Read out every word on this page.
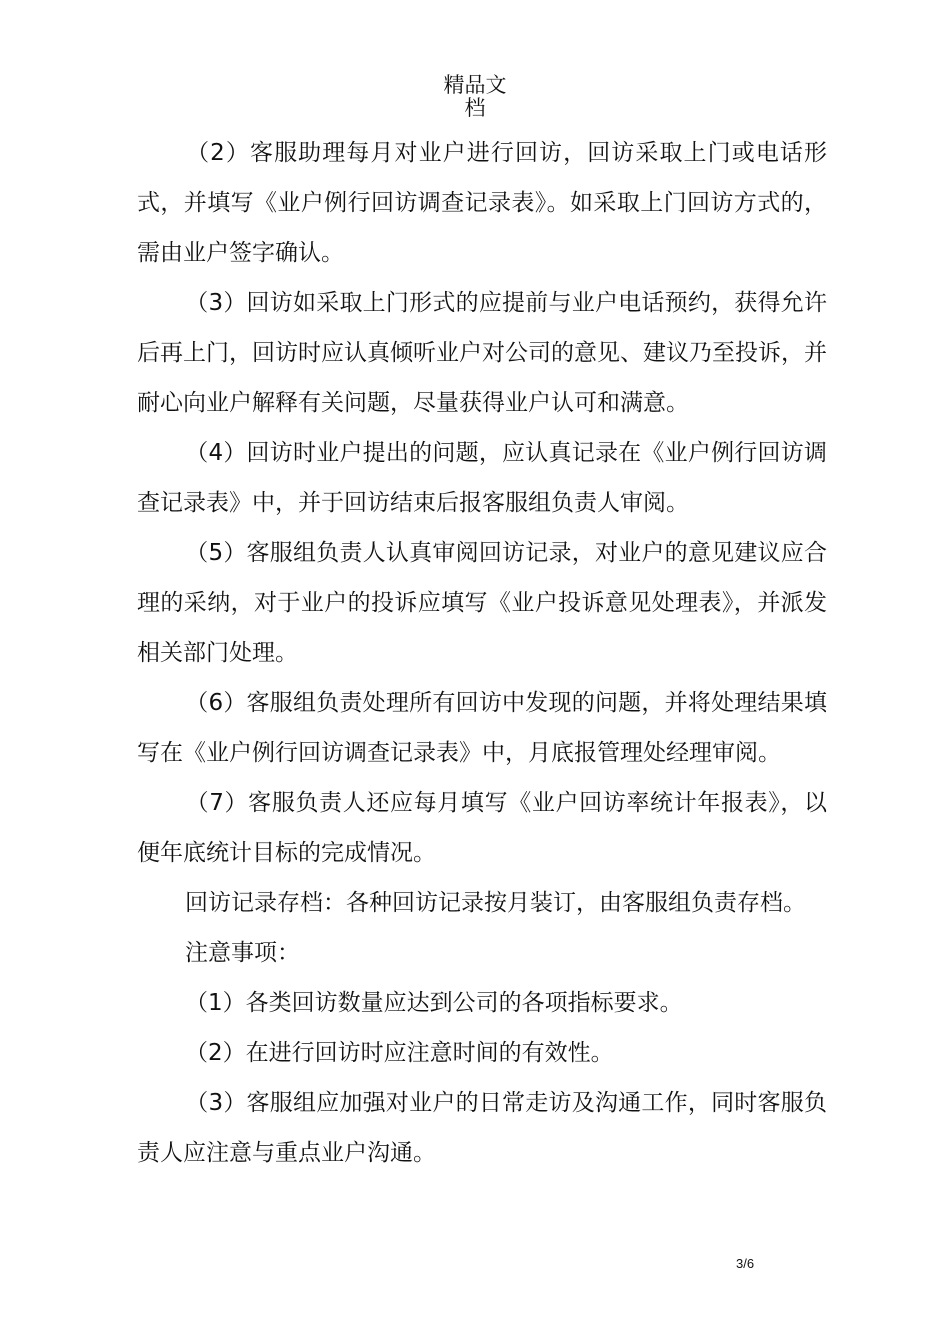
精品文
档

（2）客服助理每月对业户进行回访，回访采取上门或电话形式，并填写《业户例行回访调查记录表》。如采取上门回访方式的，需由业户签字确认。

（3）回访如采取上门形式的应提前与业户电话预约，获得允许后再上门，回访时应认真倾听业户对公司的意见、建议乃至投诉，并耐心向业户解释有关问题，尽量获得业户认可和满意。

（4）回访时业户提出的问题，应认真记录在《业户例行回访调查记录表》中，并于回访结束后报客服组负责人审阅。

（5）客服组负责人认真审阅回访记录，对业户的意见建议应合理的采纳，对于业户的投诉应填写《业户投诉意见处理表》，并派发相关部门处理。

（6）客服组负责处理所有回访中发现的问题，并将处理结果填写在《业户例行回访调查记录表》中，月底报管理处经理审阅。

（7）客服负责人还应每月填写《业户回访率统计年报表》，以便年底统计目标的完成情况。

回访记录存档：各种回访记录按月装订，由客服组负责存档。

注意事项：

（1）各类回访数量应达到公司的各项指标要求。

（2）在进行回访时应注意时间的有效性。

（3）客服组应加强对业户的日常走访及沟通工作，同时客服负责人应注意与重点业户沟通。

3/6
